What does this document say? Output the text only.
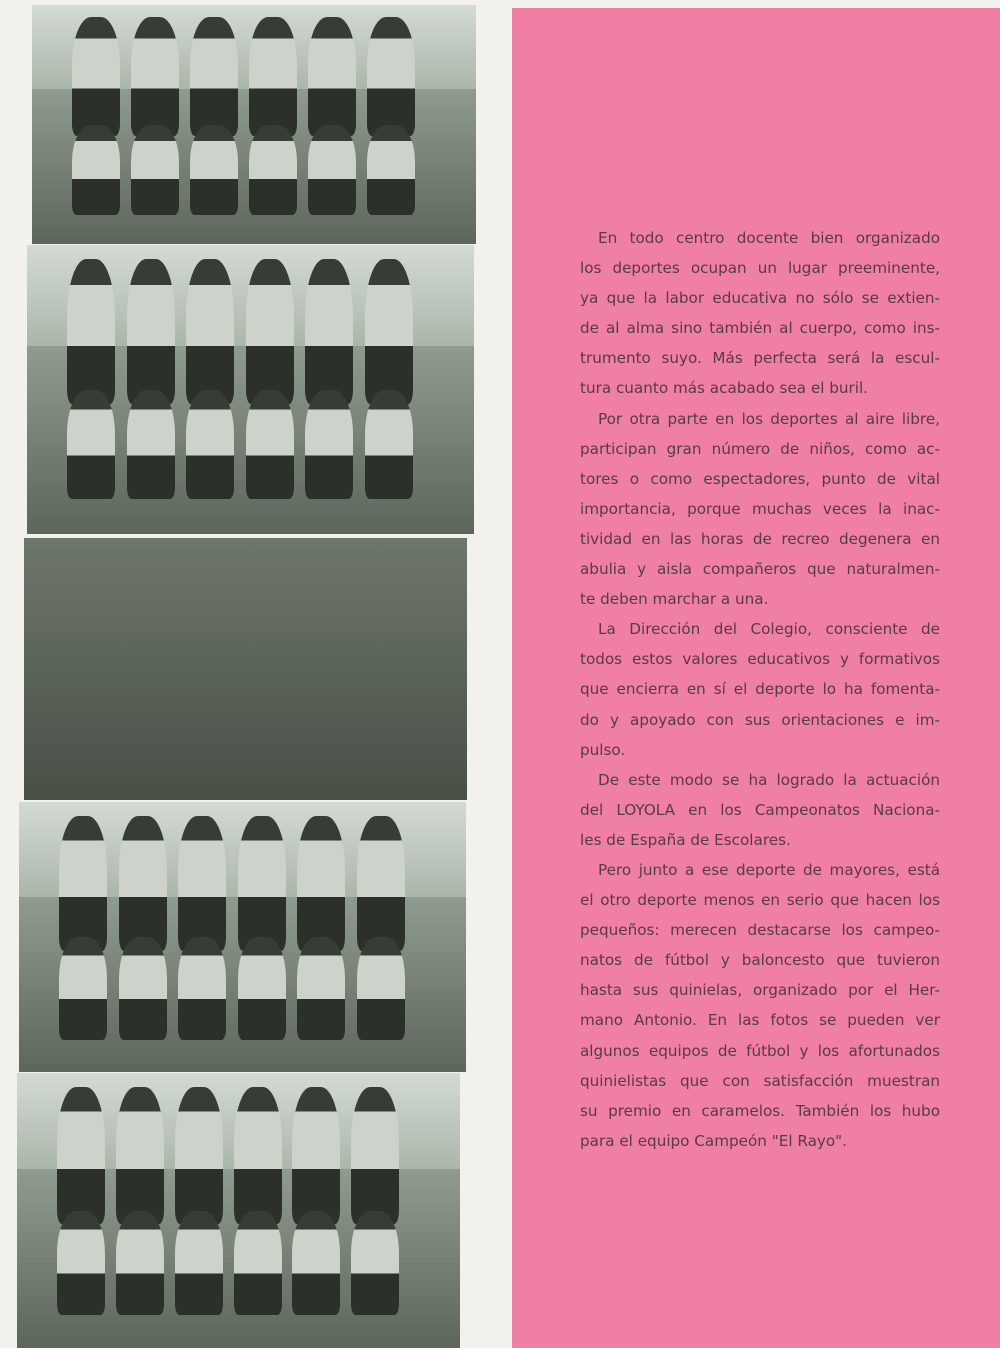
En todo centro docente bien organizado
los deportes ocupan un lugar preeminente,
ya que la labor educativa no sólo se extien-
de al alma sino también al cuerpo, como ins-
trumento suyo. Más perfecta será la escul-
tura cuanto más acabado sea el buril.
Por otra parte en los deportes al aire libre,
participan gran número de niños, como ac-
tores o como espectadores, punto de vital
importancia, porque muchas veces la inac-
tividad en las horas de recreo degenera en
abulia y aisla compañeros que naturalmen-
te deben marchar a una.
La Dirección del Colegio, consciente de
todos estos valores educativos y formativos
que encierra en sí el deporte lo ha fomenta-
do y apoyado con sus orientaciones e im-
pulso.
De este modo se ha logrado la actuación
del LOYOLA en los Campeonatos Naciona-
les de España de Escolares.
Pero junto a ese deporte de mayores, está
el otro deporte menos en serio que hacen los
pequeños: merecen destacarse los campeo-
natos de fútbol y baloncesto que tuvieron
hasta sus quinielas, organizado por el Her-
mano Antonio. En las fotos se pueden ver
algunos equipos de fútbol y los afortunados
quinielistas que con satisfacción muestran
su premio en caramelos. También los hubo
para el equipo Campeón "El Rayo".
